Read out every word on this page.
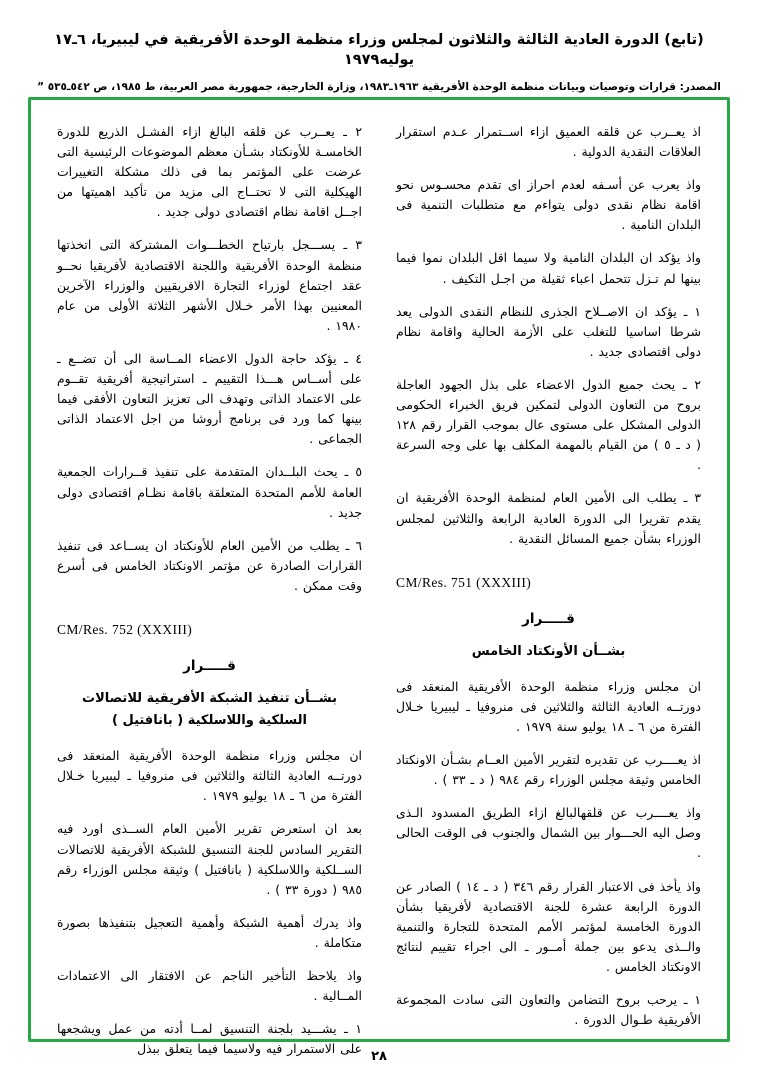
(تابع) الدورة العادية الثالثة والثلاثون لمجلس وزراء منظمة الوحدة الأفريقية في ليبيريا، ٦ـ١٧ يوليه١٩٧٩
المصدر: ‏قرارات وتوصيات وبيانات منظمة الوحدة الأفريقية ١٩٦٣ـ١٩٨٣، وزارة الخارجية، جمهورية مصر العربية، ط ١٩٨٥، ص ٥٤٢ـ٥٣٥ ˮ

اذ يعــرب عن قلقه العميق ازاء اســتمرار عـدم استقرار العلاقات النقدية الدولية .

واذ يعرب عن أسـفه لعدم احراز اى تقدم محسـوس نحو اقامة نظام نقدى دولى يتواءم مع متطلبات التنمية فى البلدان النامية .

واذ يؤكد ان البلدان النامية ولا سيما اقل البلدان نموا فيما بينها لم تـزل تتحمل اعباء ثقيلة من اجـل التكيف .

١ ـ يؤكد ان الاصــلاح الجذرى للنظام النقدى الدولى يعد شرطا اساسيا للتغلب على الأزمة الحالية واقامة نظام دولى اقتصادى جديد .

٢ ـ يحث جميع الدول الاعضاء على بذل الجهود العاجلة بروح من التعاون الدولى لتمكين فريق الخبراء الحكومى الدولى المشكل على مستوى عال بموجب القرار رقم ١٢٨ ( د ـ ٥ ) من القيام بالمهمة المكلف بها على وجه السرعة .

٣ ـ يطلب الى الأمين العام لمنظمة الوحدة الأفريقية ان يقدم تقريرا الى الدورة العادية الرابعة والثلاثين لمجلس الوزراء بشأن جميع المسائل النقدية .

CM/Res. 751 (XXXIII)
قـــــرار
بشــأن الأونكتاد الخامس

ان مجلس وزراء منظمة الوحدة الأفريقية المنعقد فى دورتــه العادية الثالثة والثلاثين فى منروفيا ـ ليبيريا خـلال الفترة من ٦ ـ ١٨ يوليو سنة ١٩٧٩ .

اذ يعــــرب عن تقديره لتقرير الأمين العــام بشـأن الاونكتاد الخامس وثيقة مجلس الوزراء رقم ٩٨٤ ( د ـ ٣٣ ) .

واذ يعــــرب عن قلقهالبالغ ازاء الطريق المسدود الـذى وصل اليه الحـــوار بين الشمال والجنوب فى الوقت الحالى .

واذ يأخذ فى الاعتبار القرار رقم ٣٤٦ ( د ـ ١٤ ) الصادر عن الدورة الرابعة عشرة للجنة الاقتصادية لأفريقيا بشأن الدورة الخامسة لمؤتمر الأمم المتحدة للتجارة والتنمية والــذى يدعو بين جملة أمــور ـ الى اجراء تقييم لنتائج الاونكتاد الخامس .

١ ـ يرحب بروح التضامن والتعاون التى سادت المجموعة الأفريقية طـوال الدورة .

٢ ـ يعــرب عن قلقه البالغ ازاء الفشـل الذريع للدورة الخامسـة للأونكتاد بشـأن معظم الموضوعات الرئيسية التى عرضت على المؤتمر بما فى ذلك مشكلة التغييرات الهيكلية التى لا تحتــاج الى مزيد من تأكيد اهميتها من اجــل اقامة نظام اقتصادى دولى جديد .

٣ ـ يســـجل بارتياح الخطـــوات المشتركة التى اتخذتها منظمة الوحدة الأفريقية واللجنة الاقتصادية لأفريقيا نحــو عقد اجتماع لوزراء التجارة الافريقيين والوزراء الآخرين المعنيين بهذا الأمر خـلال الأشهر الثلاثة الأولى من عام ١٩٨٠ .

٤ ـ يؤكد حاجة الدول الاعضاء المــاسة الى أن تضــع ـ على أســاس هـــذا التقييم ـ استراتيجية أفريقية تقــوم على الاعتماد الذاتى وتهدف الى تعزيز التعاون الأفقى فيما بينها كما ورد فى برنامج أروشا من اجل الاعتماد الذاتى الجماعى .

٥ ـ يحث البلــدان المتقدمة على تنفيذ قــرارات الجمعية العامة للأمم المتحدة المتعلقة باقامة نظـام اقتصادى دولى جديد .

٦ ـ يطلب من الأمين العام للأونكتاد ان يســاعد فى تنفيذ القرارات الصادرة عن مؤتمر الاونكتاد الخامس فى أسرع وقت ممكن .

CM/Res. 752 (XXXIII)
قـــــرار
بشــأن تنفيذ الشبكة الأفريقية للاتصالات
السلكية واللاسلكية ( بانافتيل )

ان مجلس وزراء منظمة الوحدة الأفريقية المنعقد فى دورتــه العادية الثالثة والثلاثين فى منروفيا ـ ليبيريا خـلال الفترة من ٦ ـ ١٨ يوليو ١٩٧٩ .

بعد ان استعرض تقرير الأمين العام الســذى اورد فيه التقرير السادس للجنة التنسيق للشبكة الأفريقية للاتصالات الســلكية واللاسلكية ( بانافتيل ) وثيقة مجلس الوزراء رقم ٩٨٥ ( دورة ٣٣ ) .

واذ يدرك أهمية الشبكة وأهمية التعجيل بتنفيذها بصورة متكاملة .

واذ يلاحظ التأخير الناجم عن الافتقار الى الاعتمادات المــالية .

١ ـ يشـــيد بلجنة التنسيق لمــا أدته من عمل ويشجعها على الاستمرار فيه ولاسيما فيما يتعلق ببذل

٢٨
